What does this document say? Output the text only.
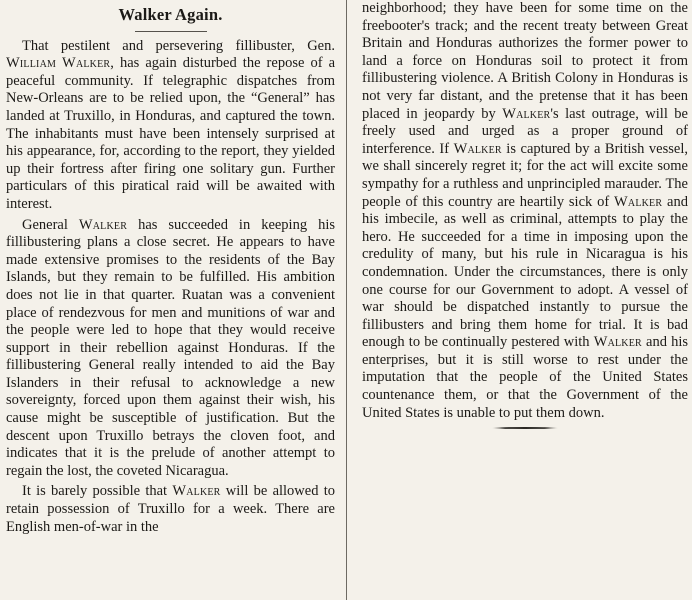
Walker Again.

That pestilent and persevering fillibuster, Gen. William Walker, has again disturbed the repose of a peaceful community. If telegraphic dispatches from New-Orleans are to be relied upon, the “General” has landed at Truxillo, in Honduras, and captured the town. The inhabitants must have been intensely surprised at his appearance, for, according to the report, they yielded up their fortress after firing one solitary gun. Further particulars of this piratical raid will be awaited with interest.

General Walker has succeeded in keeping his fillibustering plans a close secret. He appears to have made extensive promises to the residents of the Bay Islands, but they remain to be fulfilled. His ambition does not lie in that quarter. Ruatan was a convenient place of rendezvous for men and munitions of war and the people were led to hope that they would receive support in their rebellion against Honduras. If the fillibustering General really intended to aid the Bay Islanders in their refusal to acknowledge a new sovereignty, forced upon them against their wish, his cause might be susceptible of justification. But the descent upon Truxillo betrays the cloven foot, and indicates that it is the prelude of another attempt to regain the lost, the coveted Nicaragua.

It is barely possible that Walker will be allowed to retain possession of Truxillo for a week. There are English men-of-war in the

neighborhood; they have been for some time on the freebooter's track; and the recent treaty between Great Britain and Honduras authorizes the former power to land a force on Honduras soil to protect it from fillibustering violence. A British Colony in Honduras is not very far distant, and the pretense that it has been placed in jeopardy by Walker's last outrage, will be freely used and urged as a proper ground of interference. If Walker is captured by a British vessel, we shall sincerely regret it; for the act will excite some sympathy for a ruthless and unprincipled marauder. The people of this country are heartily sick of Walker and his imbecile, as well as criminal, attempts to play the hero. He succeeded for a time in imposing upon the credulity of many, but his rule in Nicaragua is his condemnation. Under the circumstances, there is only one course for our Government to adopt. A vessel of war should be dispatched instantly to pursue the fillibusters and bring them home for trial. It is bad enough to be continually pestered with Walker and his enterprises, but it is still worse to rest under the imputation that the people of the United States countenance them, or that the Government of the United States is unable to put them down.
